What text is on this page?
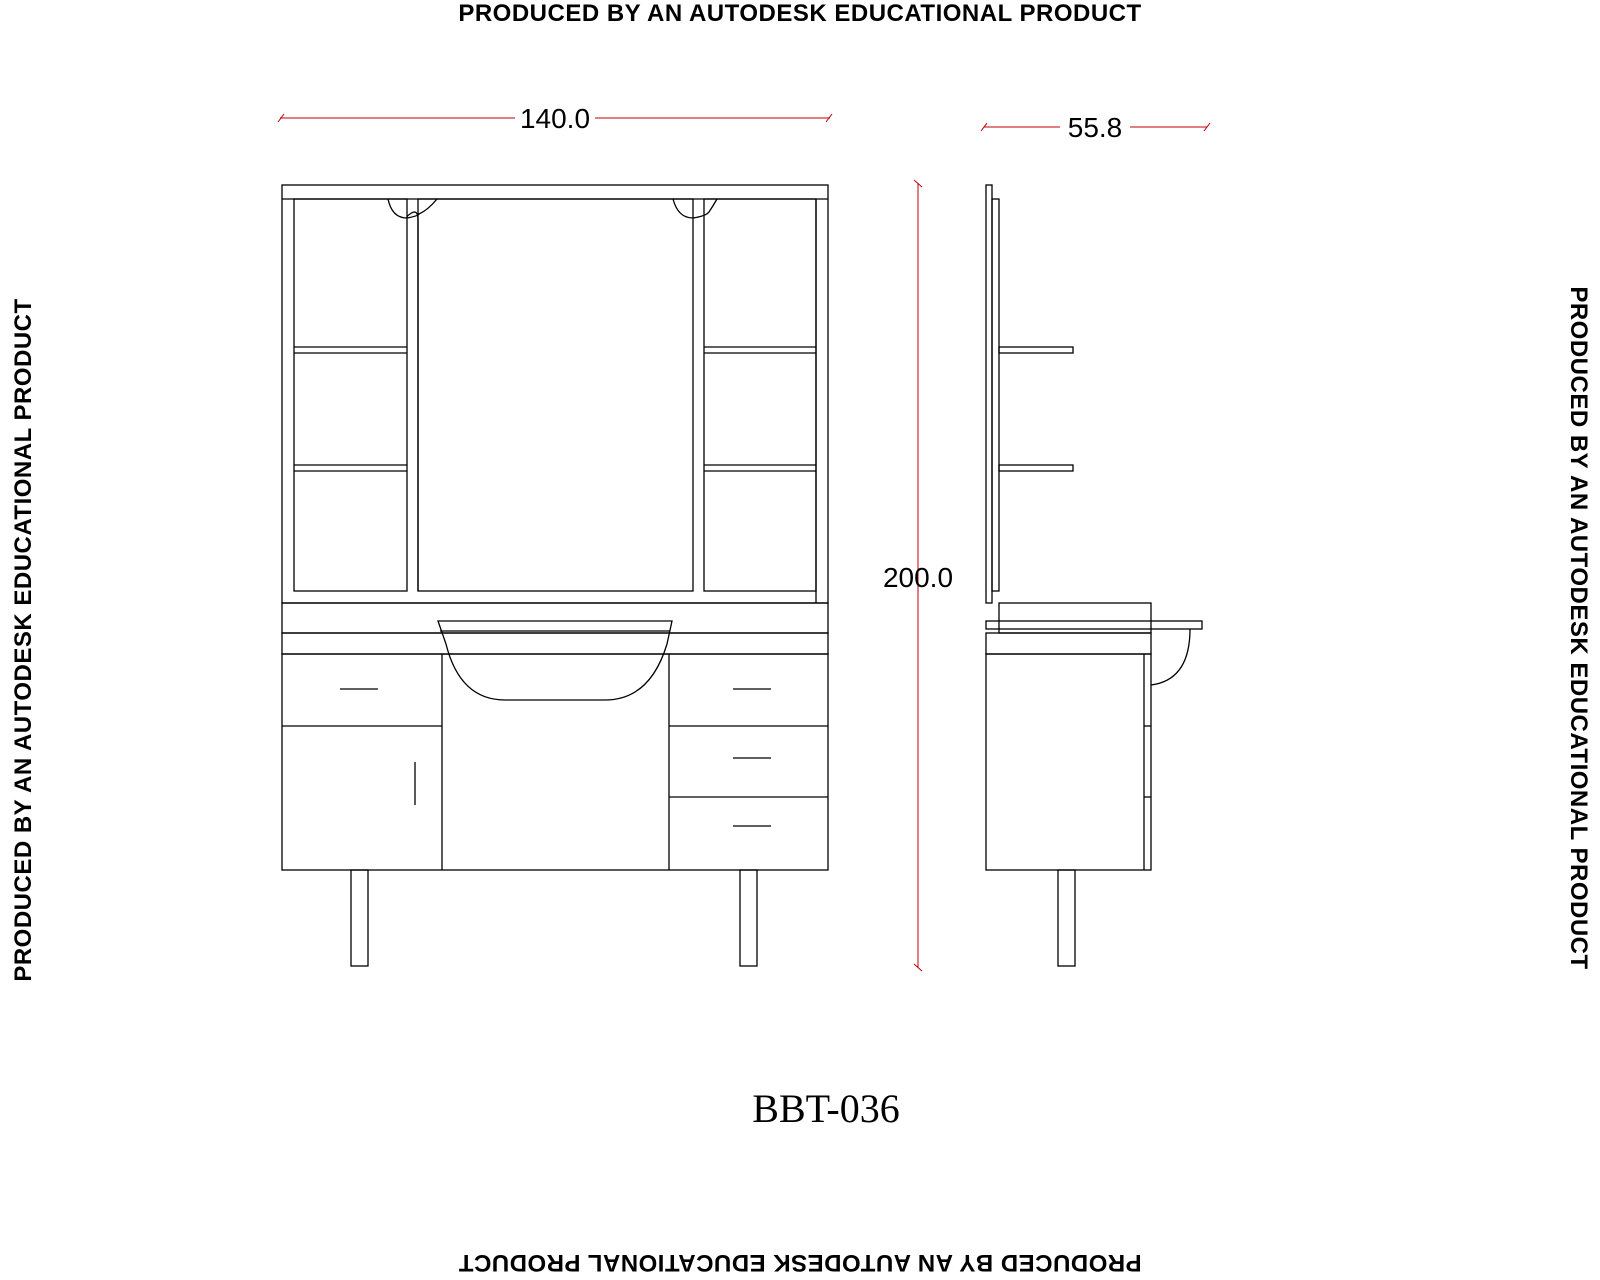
PRODUCED BY AN AUTODESK EDUCATIONAL PRODUCT
PRODUCED BY AN AUTODESK EDUCATIONAL PRODUCT
PRODUCED BY AN AUTODESK EDUCATIONAL PRODUCT	PRODUCED BY AN AUTODESK EDUCATIONAL PRODUCT
140.0	55.8
200.0
BBT-036
